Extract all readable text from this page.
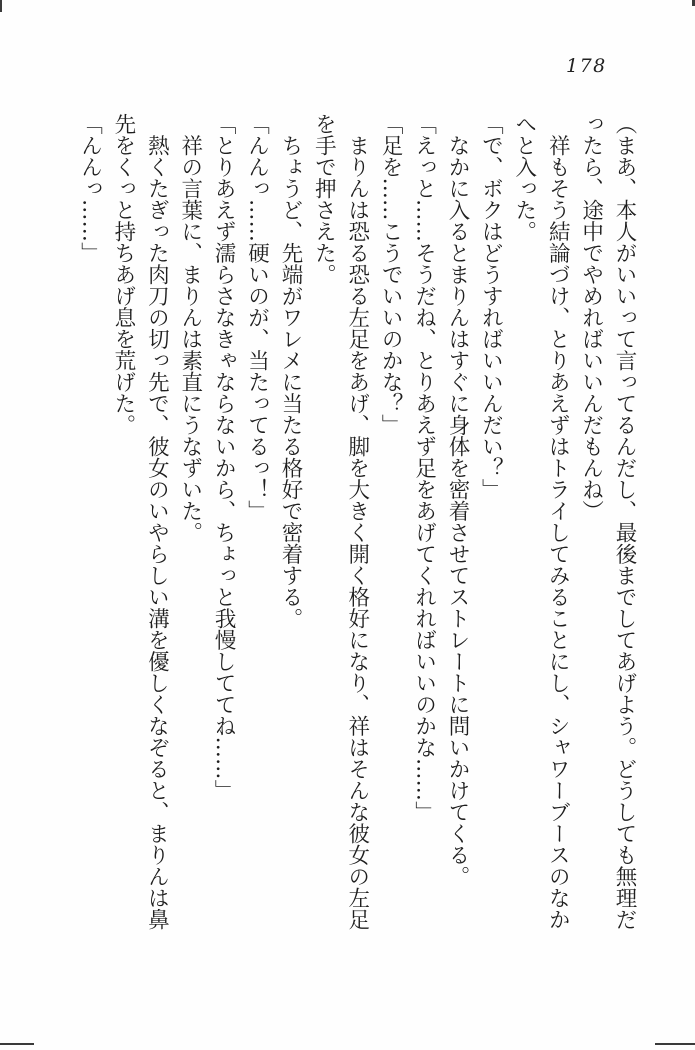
178

（まあ、本人がいいって言ってるんだし、最後までしてあげよう。どうしても無理だ

ったら、途中でやめればいいんだもんね）

　祥もそう結論づけ、とりあえずはトライしてみることにし、シャワーブースのなか

へと入った。

「で、ボクはどうすればいいんだい？」

　なかに入るとまりんはすぐに身体を密着させてストレートに問いかけてくる。

「えっと……そうだね、とりあえず足をあげてくれればいいのかな……」

「足を……こうでいいのかな？」

　まりんは恐る恐る左足をあげ、脚を大きく開く格好になり、祥はそんな彼女の左足

を手で押さえた。

　ちょうど、先端がワレメに当たる格好で密着する。

「んんっ……硬いのが、当たってるっ！」

「とりあえず濡らさなきゃならないから、ちょっと我慢しててね……」

　祥の言葉に、まりんは素直にうなずいた。

　熱くたぎった肉刀の切っ先で、彼女のいやらしい溝を優しくなぞると、まりんは鼻

先をくっと持ちあげ息を荒げた。

「んんっ……」
